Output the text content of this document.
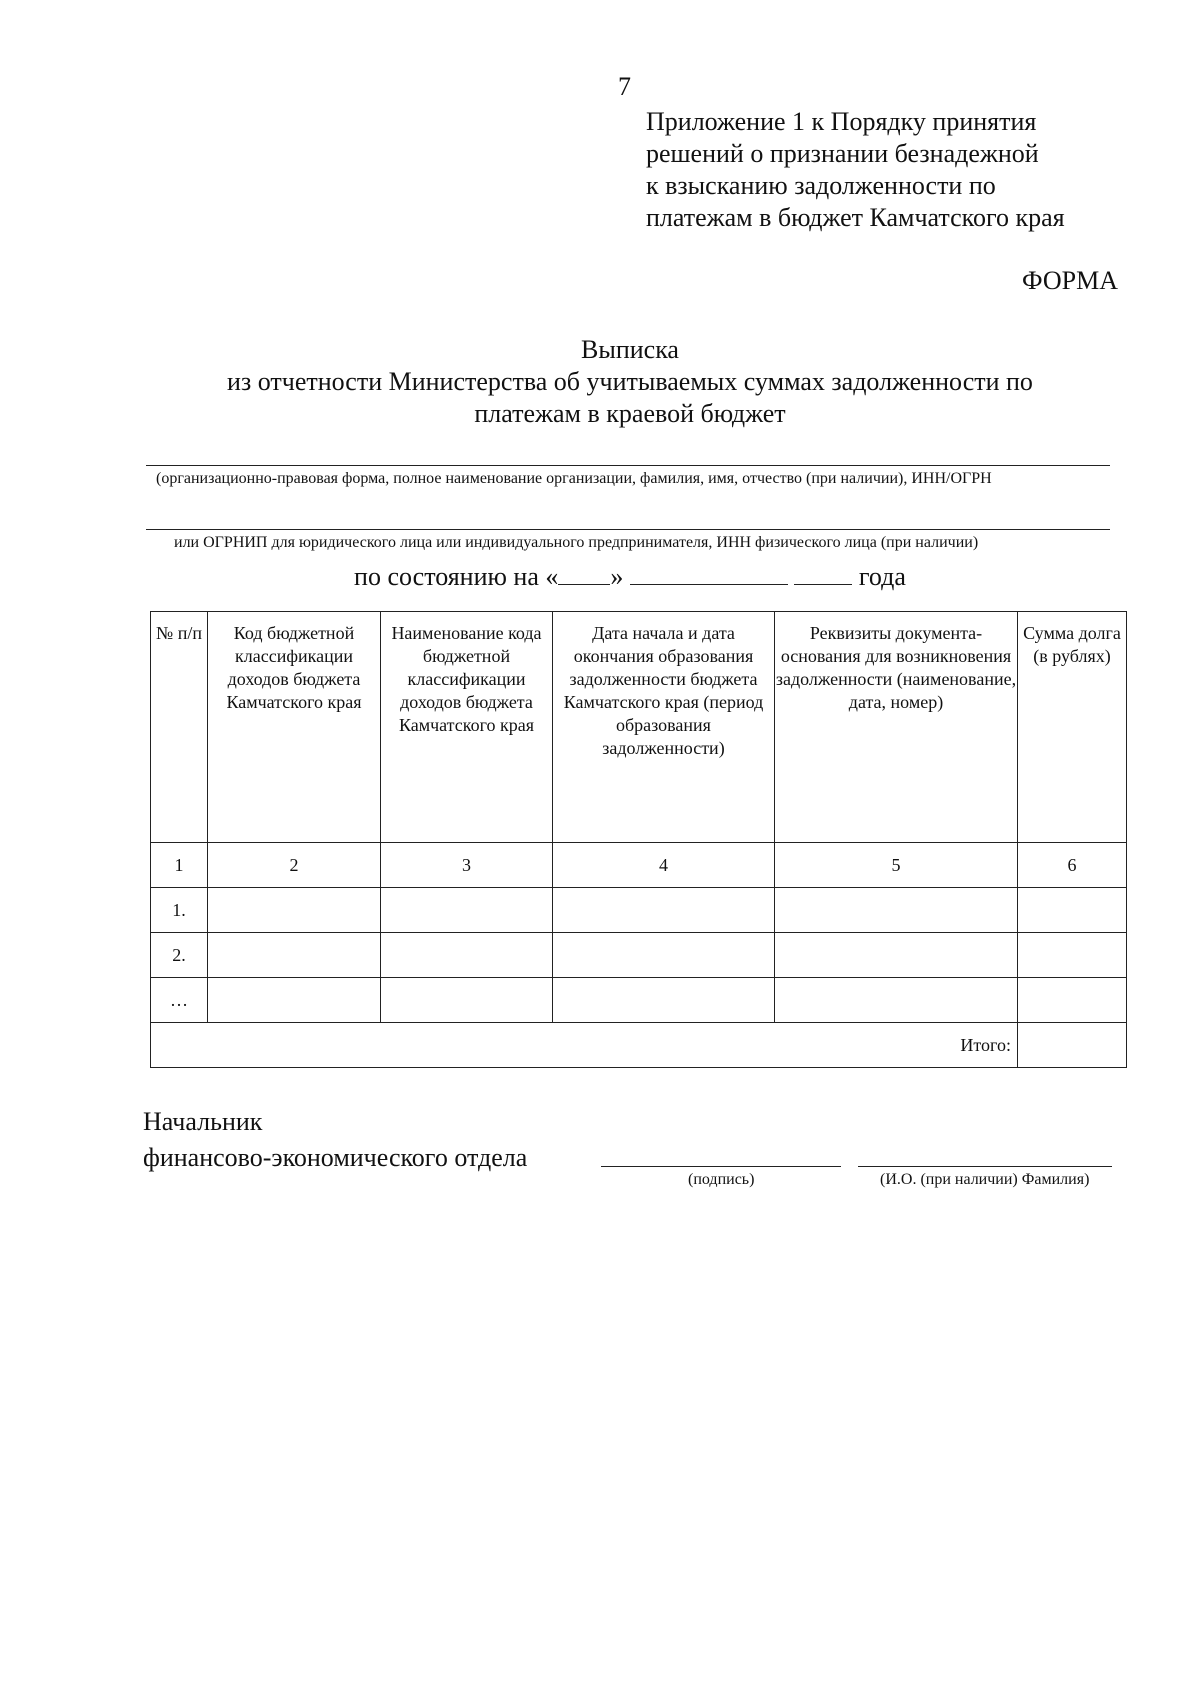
7
Приложение 1 к Порядку принятия
решений о признании безнадежной
к взысканию задолженности по
платежам в бюджет Камчатского края
ФОРМА
Выписка
из отчетности Министерства об учитываемых суммах задолженности по
платежам в краевой бюджет
(организационно-правовая форма, полное наименование организации, фамилия, имя, отчество (при наличии), ИНН/ОГРН
или ОГРНИП для юридического лица или индивидуального предпринимателя, ИНН физического лица (при наличии)
по состоянию на « »	года
№ п/п	Код бюджетной классификации доходов бюджета Камчатского края	Наименование кода бюджетной классификации доходов бюджета Камчатского края	Дата начала и дата окончания образования задолженности бюджета Камчатского края (период образования задолженности)	Реквизиты документа-основания для возникновения задолженности (наименование, дата, номер)	Сумма долга (в рублях)
1	2	3	4	5	6
1.					
2.					
…					
Итого:					
Начальник
финансово-экономического отдела
(подпись)	(И.О. (при наличии) Фамилия)
